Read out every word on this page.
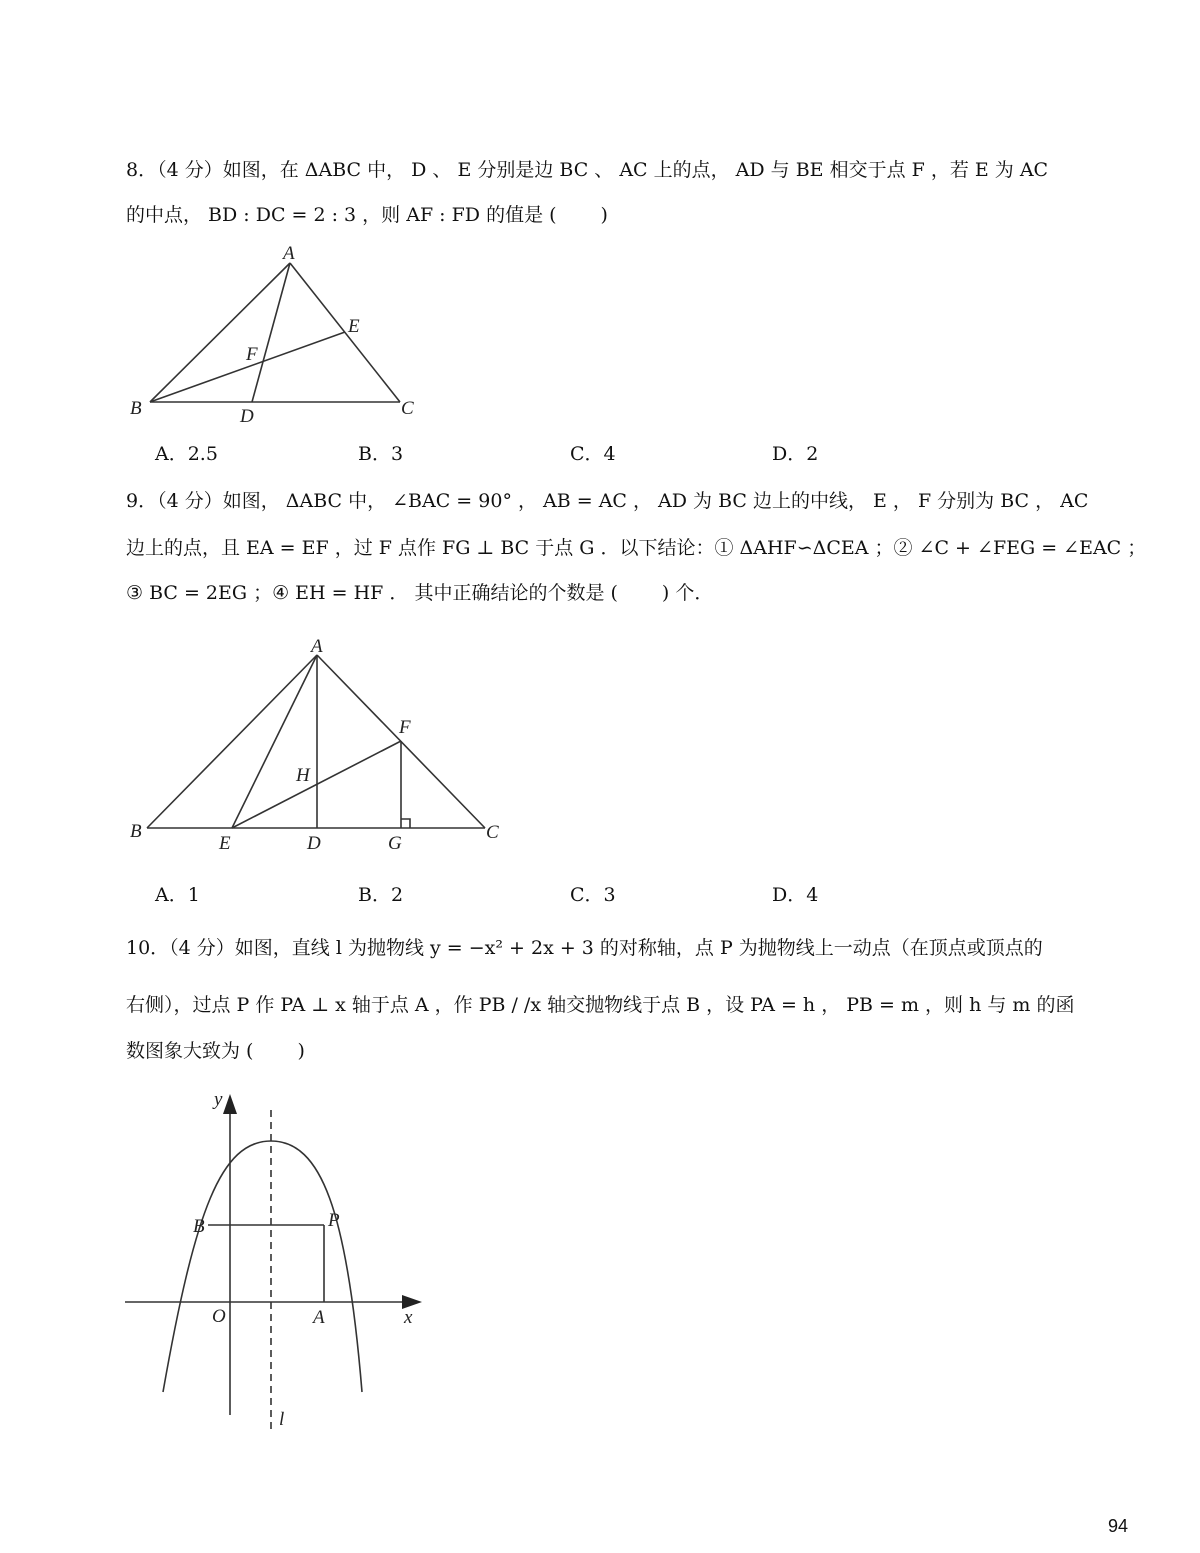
8．（4 分）如图，在 ΔABC 中， D 、 E 分别是边 BC 、 AC 上的点， AD 与 BE 相交于点 F ，若 E 为 AC
的中点， BD : DC = 2 : 3 ，则 AF : FD 的值是 (　　 )
A
B	C
D
E
F
A．2.5	B．3	C．4	D．2
9．（4 分）如图， ΔABC 中， ∠BAC = 90° ， AB = AC ， AD 为 BC 边上的中线， E ， F 分别为 BC ， AC
边上的点，且 EA = EF ，过 F 点作 FG ⊥ BC 于点 G ．以下结论：① ΔAHF∽ΔCEA ；② ∠C + ∠FEG = ∠EAC ；
③ BC = 2EG ；④ EH = HF ． 其中正确结论的个数是 (　　 ) 个．
A
B	C
D
E
F
G
H
A．1	B．2	C．3	D．4
10．（4 分）如图，直线 l 为抛物线 y = −x² + 2x + 3 的对称轴，点 P 为抛物线上一动点（在顶点或顶点的
右侧），过点 P 作 PA ⊥ x 轴于点 A ，作 PB / /x 轴交抛物线于点 B ，设 PA = h ， PB = m ，则 h 与 m 的函
数图象大致为 (　　 )
y
x
O	A
B	P
l
94
